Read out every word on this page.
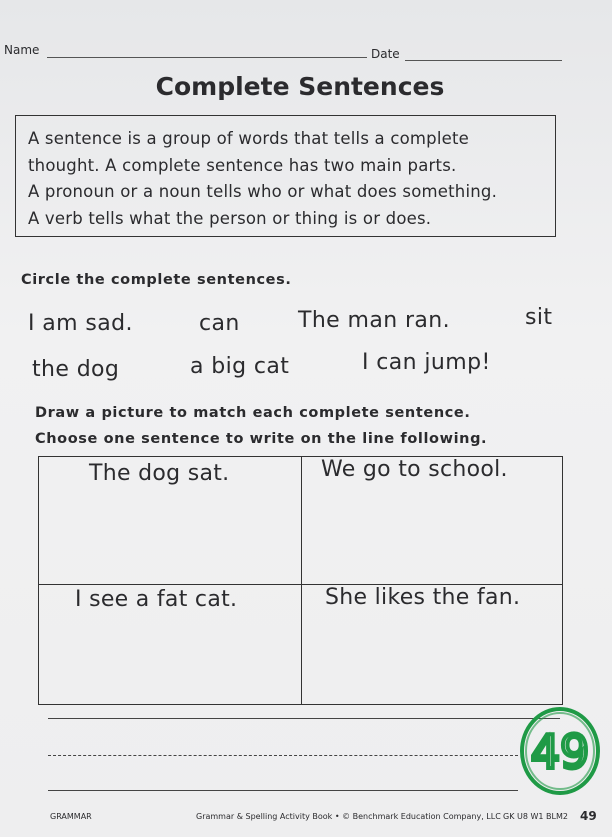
Name	Date
Complete Sentences
A sentence is a group of words that tells a complete
thought. A complete sentence has two main parts.
A pronoun or a noun tells who or what does something.
A verb tells what the person or thing is or does.
Circle the complete sentences.
I am sad.	can	The man ran.	sit
the dog	a big cat	I can jump!
Draw a picture to match each complete sentence.
Choose one sentence to write on the line following.
The dog sat.	We go to school.
I see a fat cat.	She likes the fan.
49
GRAMMAR	Grammar & Spelling Activity Book • © Benchmark Education Company, LLC GK U8 W1 BLM2 49
